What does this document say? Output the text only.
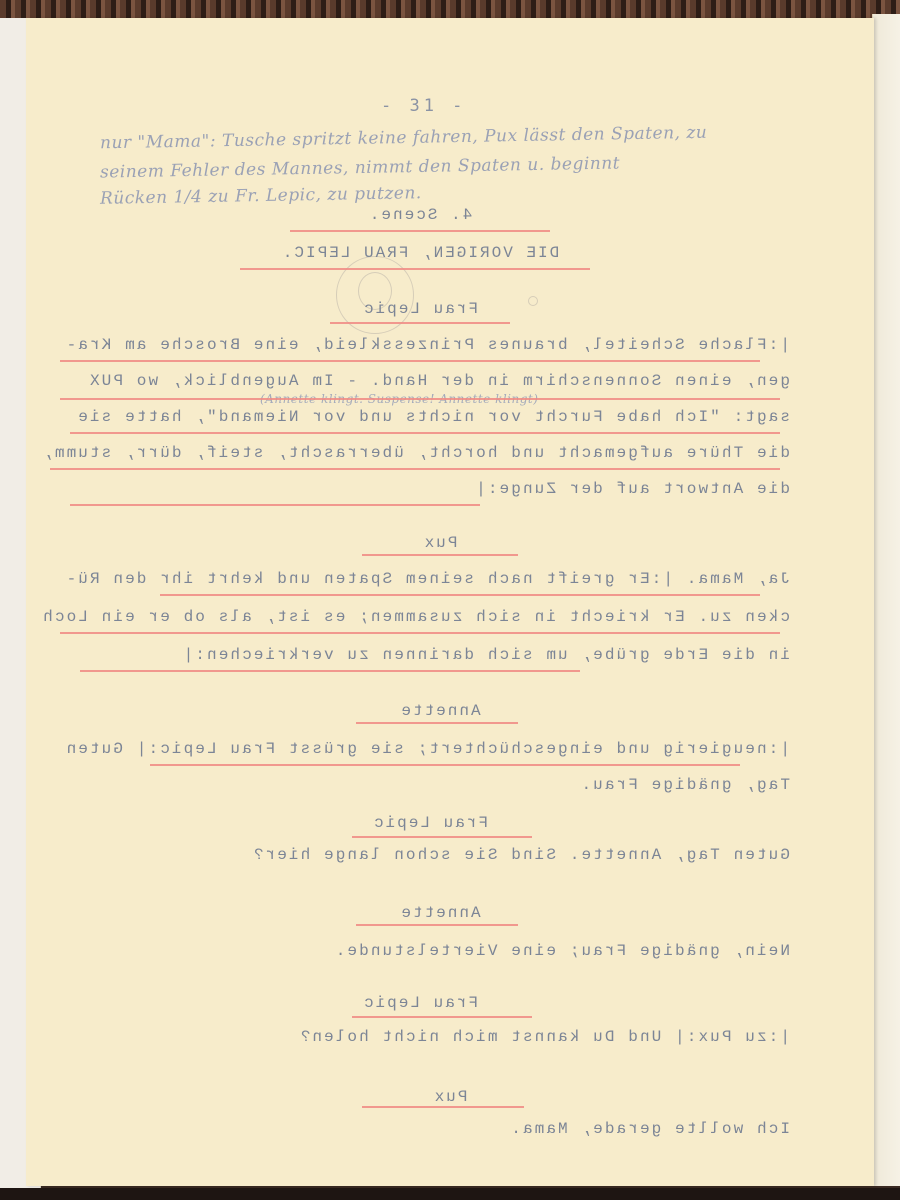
- 31 -
nur "Mama": Tusche spritzt keine fahren, Pux lässt den Spaten, zu
seinem Fehler des Mannes, nimmt den Spaten u. beginnt
Rücken 1/4 zu Fr. Lepic, zu putzen.
4. Scene.
DIE VORIGEN, FRAU LEPIC.
Frau Lepic
|:Flache Scheitel, braunes Prinzesskleid, eine Brosche am Kra-
gen, einen Sonnenschirm in der Hand. - Im Augenblick, wo PUX
sagt: "Ich habe Furcht vor nichts und vor Niemand", hatte sie
die Thüre aufgemacht und horcht, überrascht, steif, dürr, stumm,
die Antwort auf der Zunge:|
Pux
Ja, Mama. |:Er greift nach seinem Spaten und kehrt ihr den Rü-
cken zu. Er kriecht in sich zusammen; es ist, als ob er ein Loch
in die Erde grübe, um sich darinnen zu verkriechen:|
Annette
|:neugierig und eingeschüchtert; sie grüsst Frau Lepic:| Guten
Tag, gnädige Frau.
Frau Lepic
Guten Tag, Annette. Sind Sie schon lange hier?
Annette
Nein, gnädige Frau; eine Viertelstunde.
Frau Lepic
|:zu Pux:| Und Du kannst mich nicht holen?
Pux
Ich wollte gerade, Mama.
